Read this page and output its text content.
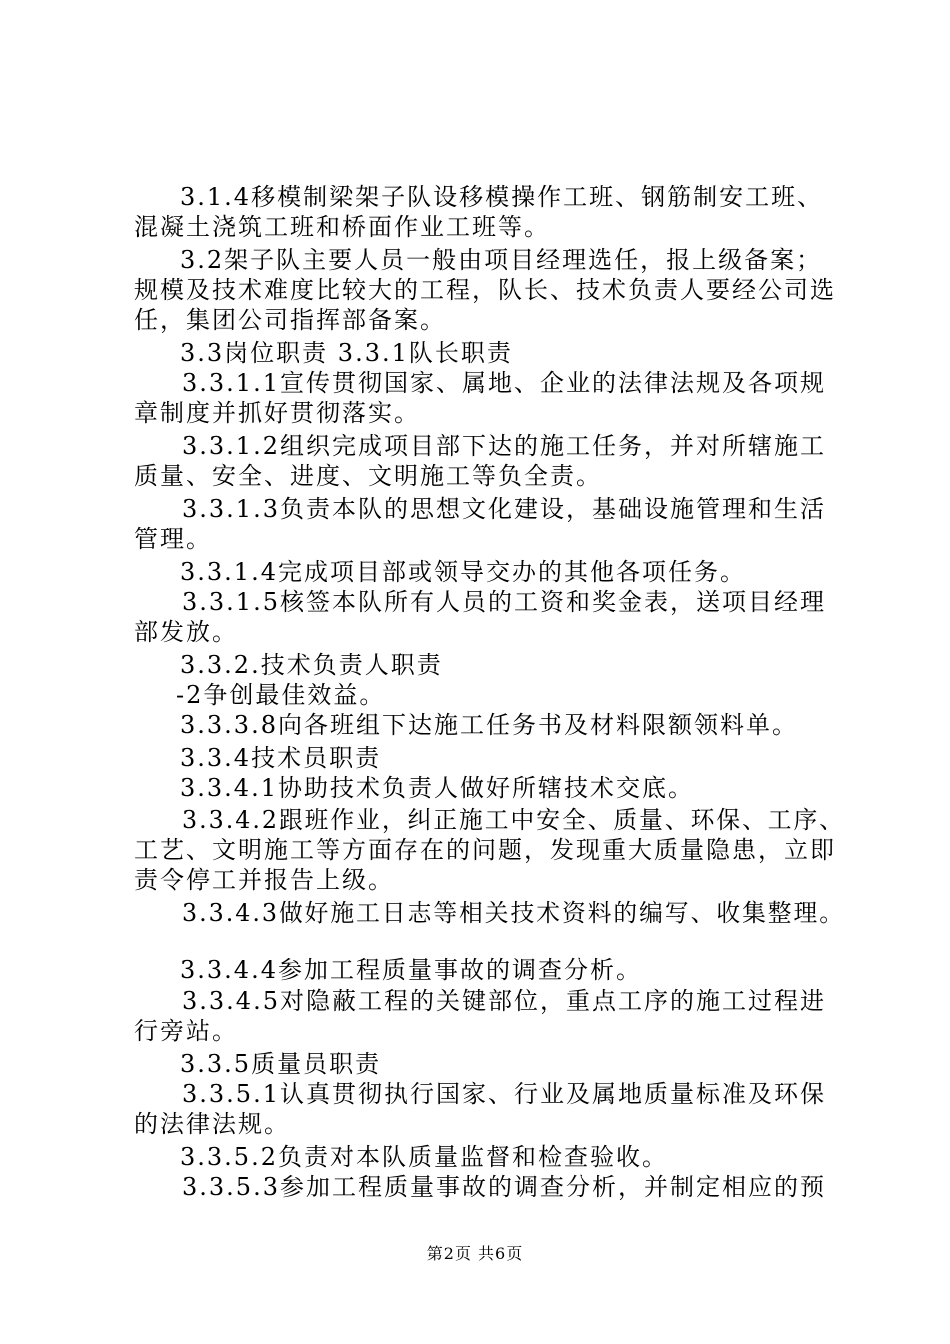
3.1.4移模制梁架子队设移模操作工班、钢筋制安工班、
混凝土浇筑工班和桥面作业工班等。
3.2架子队主要人员一般由项目经理选任，报上级备案；
规模及技术难度比较大的工程，队长、技术负责人要经公司选
任，集团公司指挥部备案。
3.3岗位职责 3.3.1队长职责
3.3.1.1宣传贯彻国家、属地、企业的法律法规及各项规
章制度并抓好贯彻落实。
3.3.1.2组织完成项目部下达的施工任务，并对所辖施工
质量、安全、进度、文明施工等负全责。
3.3.1.3负责本队的思想文化建设，基础设施管理和生活
管理。
3.3.1.4完成项目部或领导交办的其他各项任务。
3.3.1.5核签本队所有人员的工资和奖金表，送项目经理
部发放。
3.3.2.技术负责人职责
-2争创最佳效益。
3.3.3.8向各班组下达施工任务书及材料限额领料单。
3.3.4技术员职责
3.3.4.1协助技术负责人做好所辖技术交底。
3.3.4.2跟班作业，纠正施工中安全、质量、环保、工序、
工艺、文明施工等方面存在的问题，发现重大质量隐患，立即
责令停工并报告上级。
3.3.4.3做好施工日志等相关技术资料的编写、收集整理。
3.3.4.4参加工程质量事故的调查分析。
3.3.4.5对隐蔽工程的关键部位，重点工序的施工过程进
行旁站。
3.3.5质量员职责
3.3.5.1认真贯彻执行国家、行业及属地质量标准及环保
的法律法规。
3.3.5.2负责对本队质量监督和检查验收。
3.3.5.3参加工程质量事故的调查分析，并制定相应的预
第2页 共6页
